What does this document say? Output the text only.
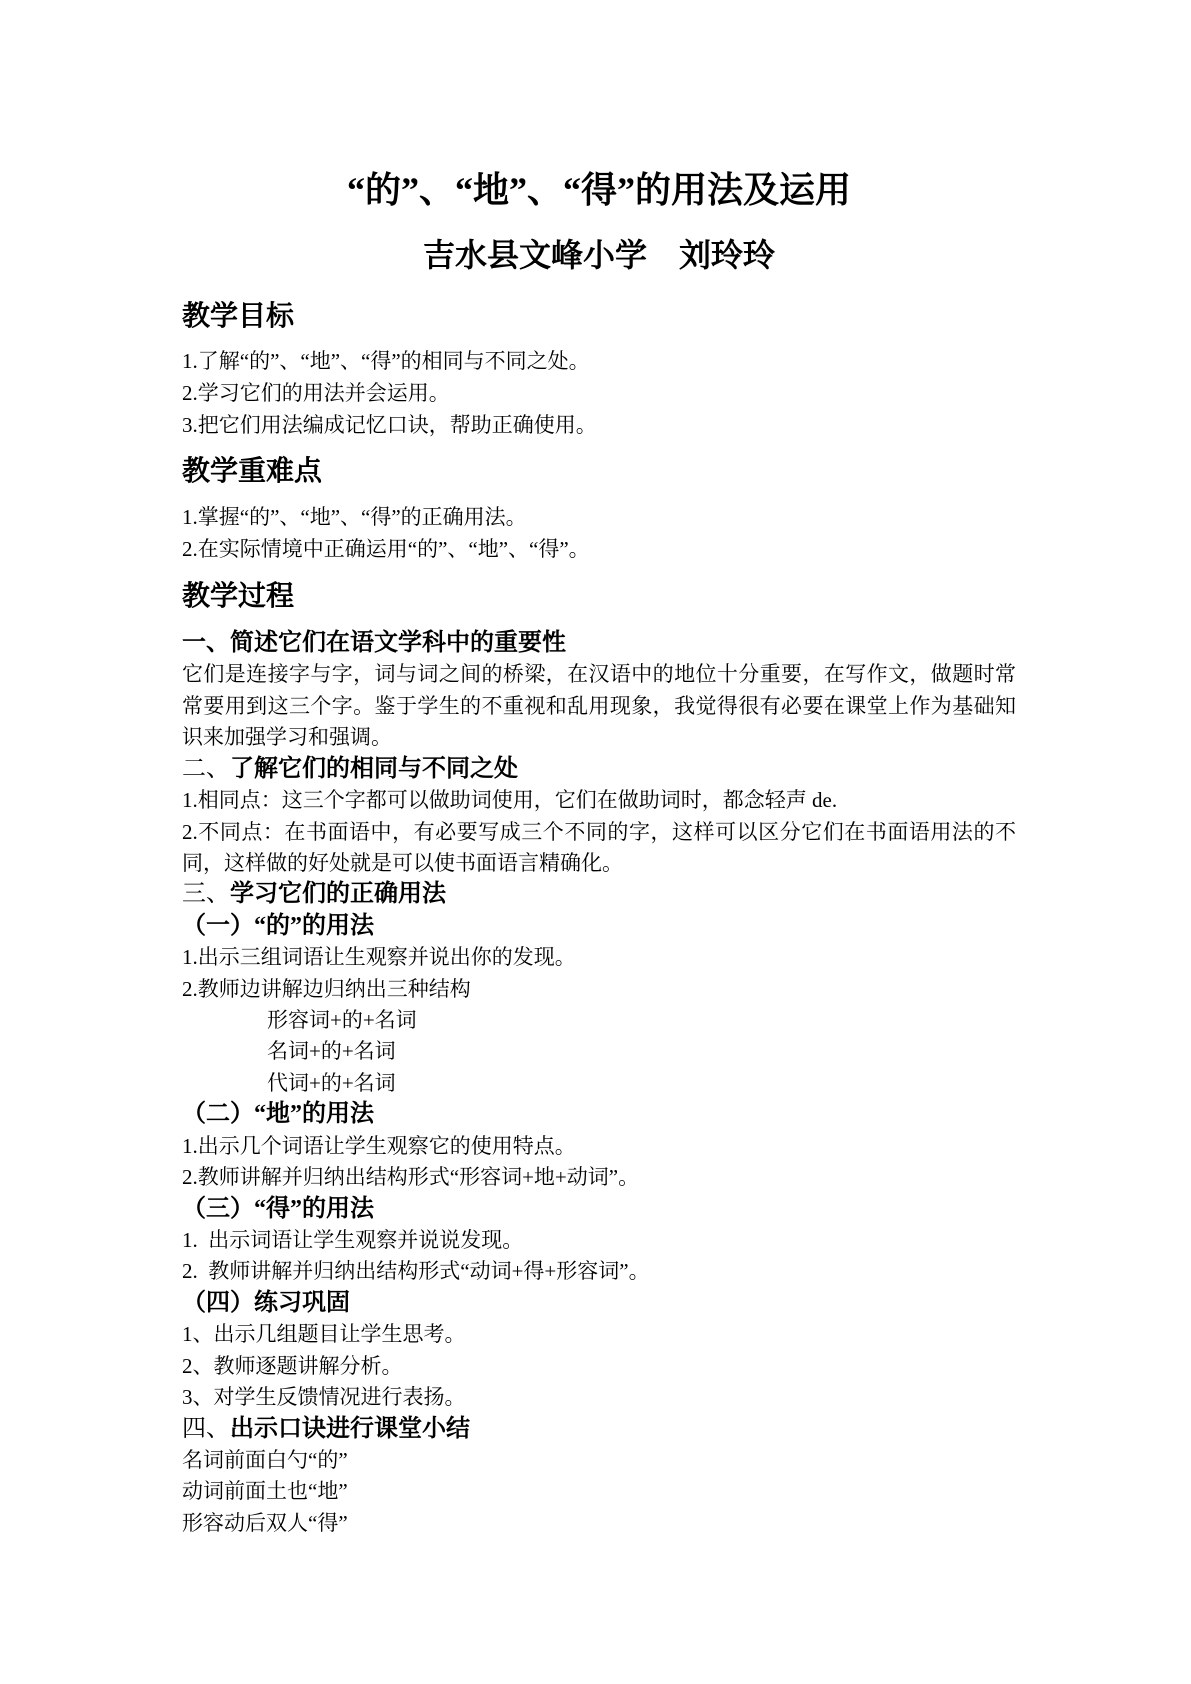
“的”、“地”、“得”的用法及运用
吉水县文峰小学　刘玲玲
教学目标
1.了解“的”、“地”、“得”的相同与不同之处。
2.学习它们的用法并会运用。
3.把它们用法编成记忆口诀，帮助正确使用。
教学重难点
1.掌握“的”、“地”、“得”的正确用法。
2.在实际情境中正确运用“的”、“地”、“得”。
教学过程
一、简述它们在语文学科中的重要性
它们是连接字与字，词与词之间的桥梁，在汉语中的地位十分重要，在写作文，做题时常
常要用到这三个字。鉴于学生的不重视和乱用现象，我觉得很有必要在课堂上作为基础知
识来加强学习和强调。
二、了解它们的相同与不同之处
1.相同点：这三个字都可以做助词使用，它们在做助词时，都念轻声 de.
2.不同点：在书面语中，有必要写成三个不同的字，这样可以区分它们在书面语用法的不
同，这样做的好处就是可以使书面语言精确化。
三、学习它们的正确用法
（一）“的”的用法
1.出示三组词语让生观察并说出你的发现。
2.教师边讲解边归纳出三种结构
形容词+的+名词
名词+的+名词
代词+的+名词
（二）“地”的用法
1.出示几个词语让学生观察它的使用特点。
2.教师讲解并归纳出结构形式“形容词+地+动词”。
（三）“得”的用法
1.  出示词语让学生观察并说说发现。
2.  教师讲解并归纳出结构形式“动词+得+形容词”。
（四）练习巩固
1、出示几组题目让学生思考。
2、教师逐题讲解分析。
3、对学生反馈情况进行表扬。
四、出示口诀进行课堂小结
名词前面白勺“的”
动词前面土也“地”
形容动后双人“得”
